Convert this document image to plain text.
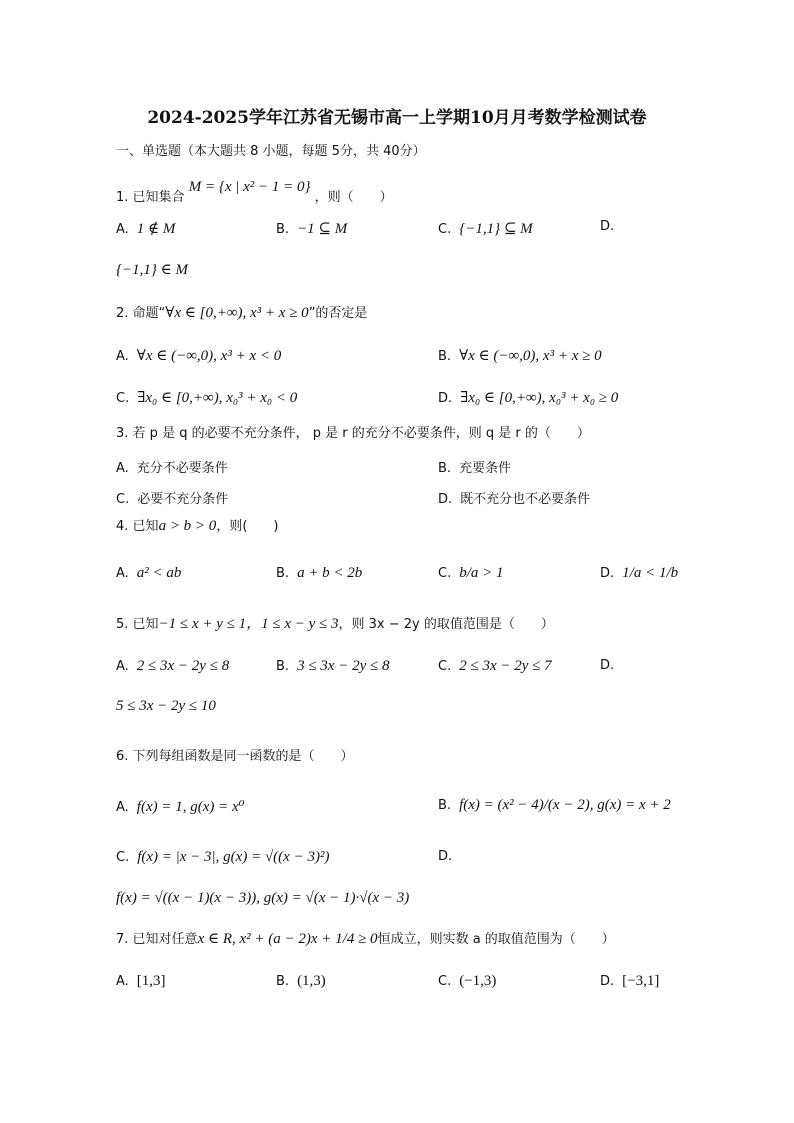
2024-2025学年江苏省无锡市高一上学期10月月考数学检测试卷
一、单选题（本大题共 8 小题，每题 5分，共 40分）
1. 已知集合 M = {x | x² − 1 = 0} ，则（　　）
A. 1 ∉ M	B. −1 ⊆ M	C. {−1,1} ⊆ M	D.
{−1,1} ∈ M
2. 命题“∀x ∈ [0,+∞), x³ + x ≥ 0”的否定是
A. ∀x ∈ (−∞,0), x³ + x < 0	B. ∀x ∈ (−∞,0), x³ + x ≥ 0
C. ∃x₀ ∈ [0,+∞), x₀³ + x₀ < 0	D. ∃x₀ ∈ [0,+∞), x₀³ + x₀ ≥ 0
3. 若 p 是 q 的必要不充分条件， p 是 r 的充分不必要条件，则 q 是 r 的（　　）
A. 充分不必要条件	B. 充要条件
C. 必要不充分条件	D. 既不充分也不必要条件
4. 已知a > b > 0，则(　　)
A. a² < ab	B. a + b < 2b	C. b/a > 1	D. 1/a < 1/b
5. 已知−1 ≤ x + y ≤ 1，1 ≤ x − y ≤ 3，则 3x − 2y 的取值范围是（　　）
A. 2 ≤ 3x − 2y ≤ 8	B. 3 ≤ 3x − 2y ≤ 8	C. 2 ≤ 3x − 2y ≤ 7	D.
5 ≤ 3x − 2y ≤ 10
6. 下列每组函数是同一函数的是（　　）
A. f(x) = 1, g(x) = x⁰	B. f(x) = (x² − 4)/(x − 2), g(x) = x + 2
C. f(x) = |x − 3|, g(x) = √((x − 3)²)	D.
f(x) = √((x − 1)(x − 3)), g(x) = √(x − 1)·√(x − 3)
7. 已知对任意x ∈ R, x² + (a − 2)x + 1/4 ≥ 0恒成立，则实数 a 的取值范围为（　　）
A. [1,3]	B. (1,3)	C. (−1,3)	D. [−3,1]
